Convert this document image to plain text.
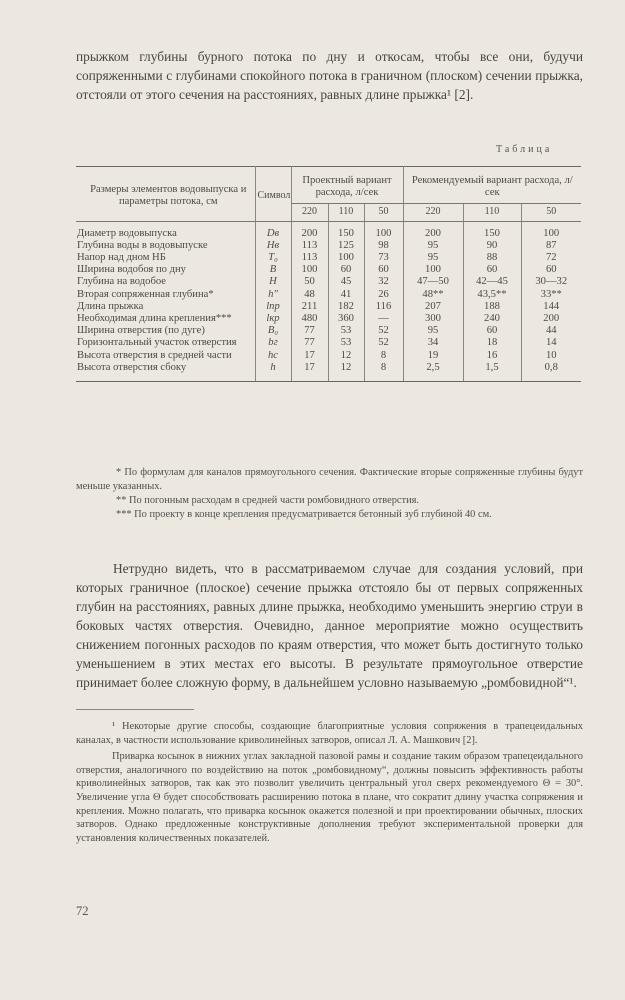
прыжком глубины бурного потока по дну и откосам, чтобы все они, будучи сопряженными с глубинами спокойного потока в граничном (плоском) сечении прыжка, отстояли от этого сечения на расстояниях, равных длине прыжка¹ [2].

Таблица
Размеры элементов водовыпуска и параметры потока, см	Символ	Проектный вариант расхода, л/сек			Рекомендуемый вариант расхода, л/сек		
		220	110	50	220	110	50
Диаметр водовыпуска	Dв	200	150	100	200	150	100
Глубина воды в водовыпуске	Hв	113	125	98	95	90	87
Напор над дном НБ	T₀	113	100	73	95	88	72
Ширина водобоя по дну	B	100	60	60	100	60	60
Глубина на водобое	H	50	45	32	47—50	42—45	30—32
Вторая сопряженная глубина*	h″	48	41	26	48**	43,5**	33**
Длина прыжка	lпр	211	182	116	207	188	144
Необходимая длина крепления***	lкр	480	360	—	300	240	200
Ширина отверстия (по дуге)	B₀	77	53	52	95	60	44
Горизонтальный участок отверстия	bг	77	53	52	34	18	14
Высота отверстия в средней части	hс	17	12	8	19	16	10
Высота отверстия сбоку	h	17	12	8	2,5	1,5	0,8

* По формулам для каналов прямоугольного сечения. Фактические вторые сопряженные глубины будут меньше указанных.

** По погонным расходам в средней части ромбовидного отверстия.

*** По проекту в конце крепления предусматривается бетонный зуб глубиной 40 см.

Нетрудно видеть, что в рассматриваемом случае для создания условий, при которых граничное (плоское) сечение прыжка отстояло бы от первых сопряженных глубин на расстояниях, равных длине прыжка, необходимо уменьшить энергию струи в боковых частях отверстия. Очевидно, данное мероприятие можно осуществить снижением погонных расходов по краям отверстия, что может быть достигнуто только уменьшением в этих местах его высоты. В результате прямоугольное отверстие принимает более сложную форму, в дальнейшем условно называемую „ромбовидной“¹.

¹ Некоторые другие способы, создающие благоприятные условия сопряжения в трапецеидальных каналах, в частности использование криволинейных затворов, описал Л. А. Машкович [2].

Приварка косынок в нижних углах закладной пазовой рамы и создание таким образом трапецеидального отверстия, аналогичного по воздействию на поток „ромбовидному“, должны повысить эффективность работы криволинейных затворов, так как это позволит увеличить центральный угол сверх рекомендуемого Θ = 30°. Увеличение угла Θ будет способствовать расширению потока в плане, что сократит длину участка сопряжения и крепления. Можно полагать, что приварка косынок окажется полезной и при проектировании обычных, плоских затворов. Однако предложенные конструктивные дополнения требуют экспериментальной проверки для установления количественных показателей.

72
